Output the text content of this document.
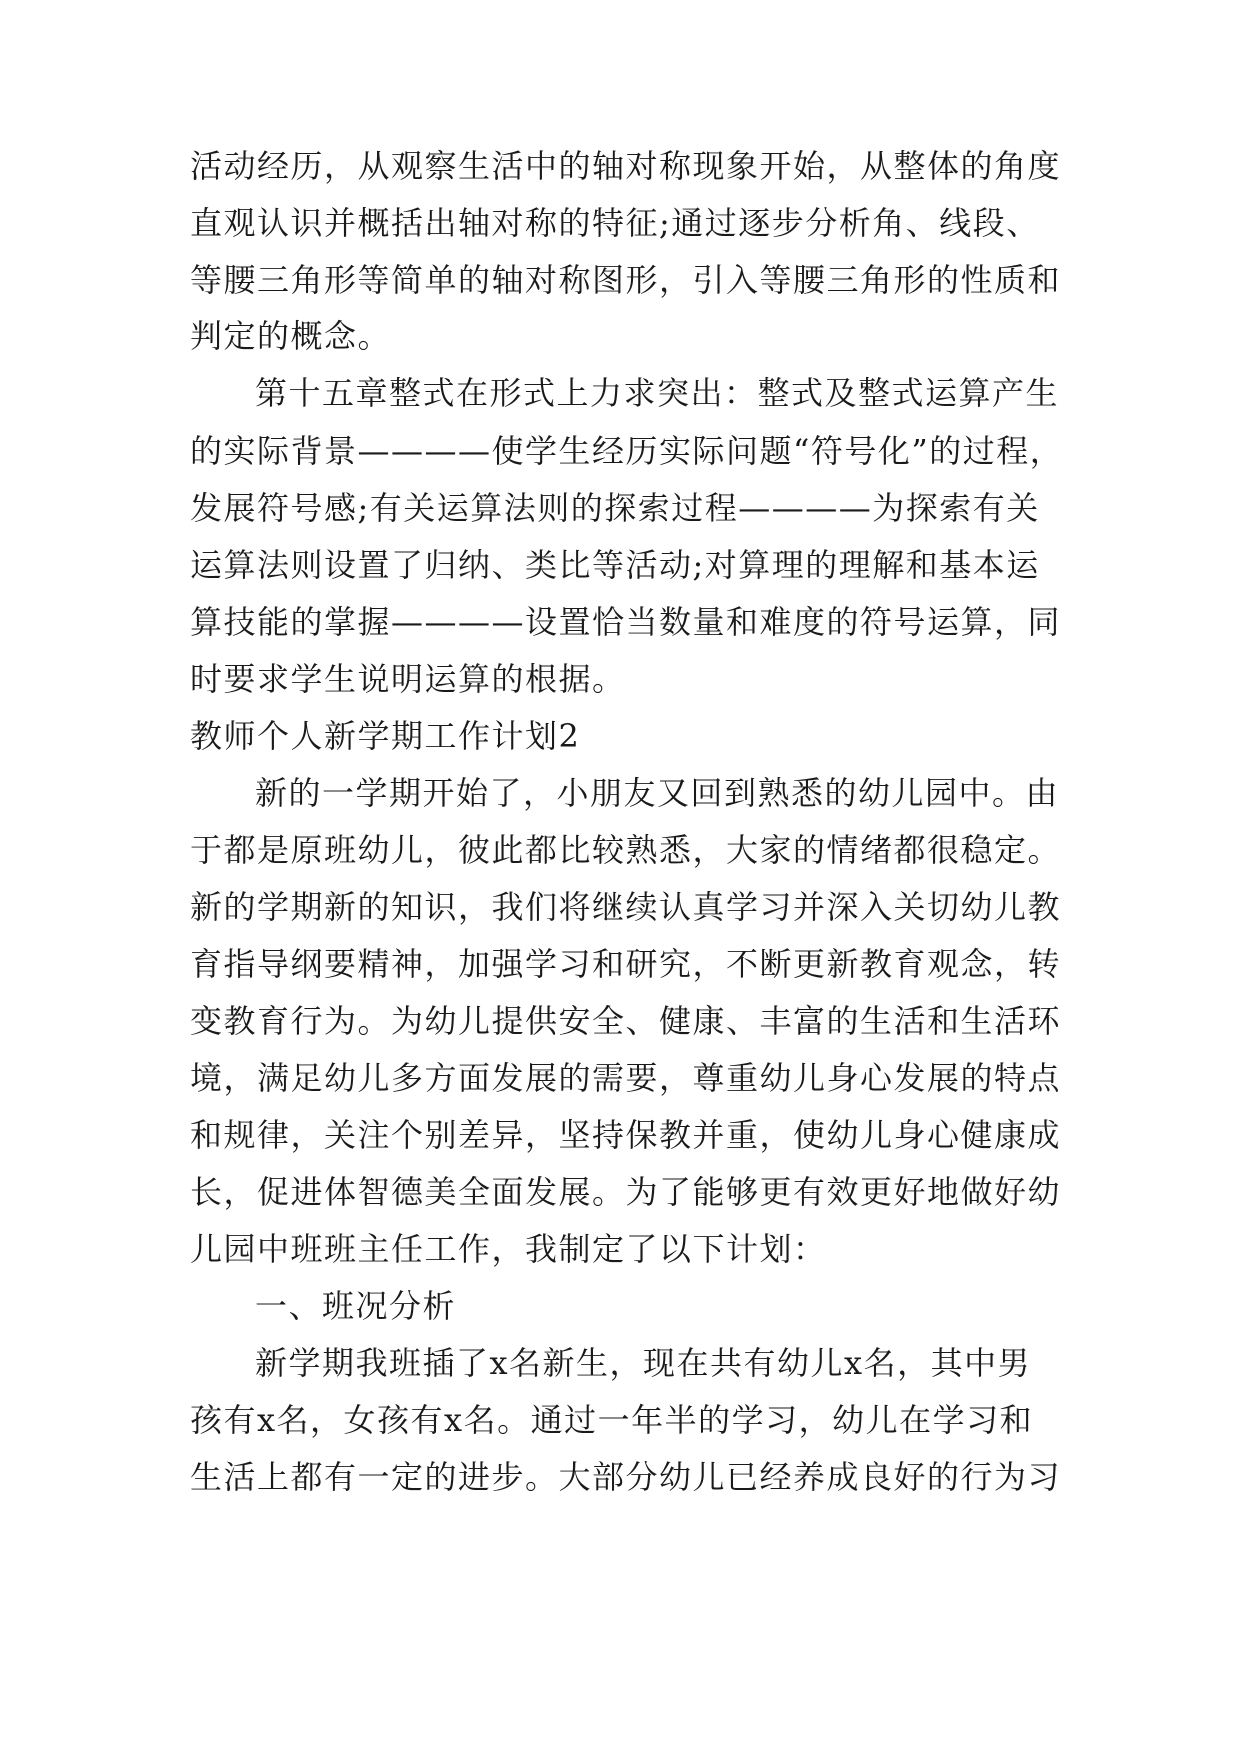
活动经历，从观察生活中的轴对称现象开始，从整体的角度
直观认识并概括出轴对称的特征;通过逐步分析角、线段、
等腰三角形等简单的轴对称图形，引入等腰三角形的性质和
判定的概念。
第十五章整式在形式上力求突出：整式及整式运算产生
的实际背景————使学生经历实际问题“符号化”的过程，
发展符号感;有关运算法则的探索过程————为探索有关
运算法则设置了归纳、类比等活动;对算理的理解和基本运
算技能的掌握————设置恰当数量和难度的符号运算，同
时要求学生说明运算的根据。
教师个人新学期工作计划2
新的一学期开始了，小朋友又回到熟悉的幼儿园中。由
于都是原班幼儿，彼此都比较熟悉，大家的情绪都很稳定。
新的学期新的知识，我们将继续认真学习并深入关切幼儿教
育指导纲要精神，加强学习和研究，不断更新教育观念，转
变教育行为。为幼儿提供安全、健康、丰富的生活和生活环
境，满足幼儿多方面发展的需要，尊重幼儿身心发展的特点
和规律，关注个别差异，坚持保教并重，使幼儿身心健康成
长，促进体智德美全面发展。为了能够更有效更好地做好幼
儿园中班班主任工作，我制定了以下计划：
一、班况分析
新学期我班插了x名新生，现在共有幼儿x名，其中男
孩有x名，女孩有x名。通过一年半的学习，幼儿在学习和
生活上都有一定的进步。大部分幼儿已经养成良好的行为习
